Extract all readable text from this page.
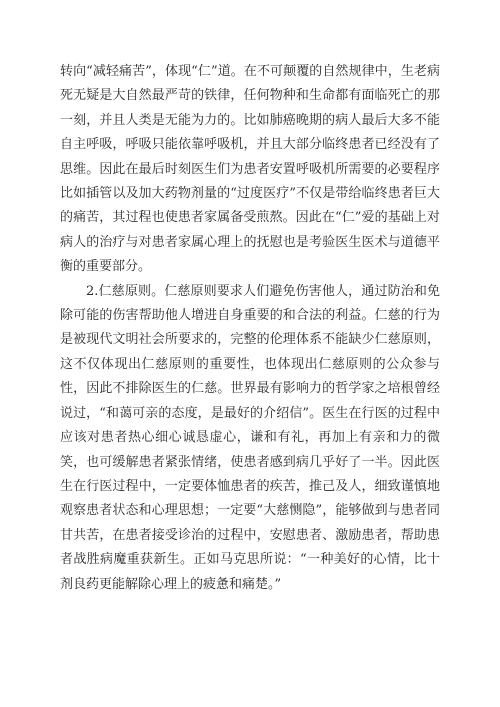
转向“减轻痛苦”，体现“仁”道。在不可颠覆的自然规律中，生老病死无疑是大自然最严苛的铁律，任何物种和生命都有面临死亡的那一刻，并且人类是无能为力的。比如肺癌晚期的病人最后大多不能自主呼吸，呼吸只能依靠呼吸机，并且大部分临终患者已经没有了思维。因此在最后时刻医生们为患者安置呼吸机所需要的必要程序比如插管以及加大药物剂量的“过度医疗”不仅是带给临终患者巨大的痛苦，其过程也使患者家属备受煎熬。因此在“仁”爱的基础上对病人的治疗与对患者家属心理上的抚慰也是考验医生医术与道德平衡的重要部分。

2.仁慈原则。仁慈原则要求人们避免伤害他人，通过防治和免除可能的伤害帮助他人增进自身重要的和合法的利益。仁慈的行为是被现代文明社会所要求的，完整的伦理体系不能缺少仁慈原则，这不仅体现出仁慈原则的重要性，也体现出仁慈原则的公众参与性，因此不排除医生的仁慈。世界最有影响力的哲学家之培根曾经说过，“和蔼可亲的态度，是最好的介绍信”。医生在行医的过程中应该对患者热心细心诚恳虚心，谦和有礼，再加上有亲和力的微笑，也可缓解患者紧张情绪，使患者感到病几乎好了一半。因此医生在行医过程中，一定要体恤患者的疾苦，推己及人，细致谨慎地观察患者状态和心理思想；一定要“大慈恻隐”，能够做到与患者同甘共苦，在患者接受诊治的过程中，安慰患者、激励患者，帮助患者战胜病魔重获新生。正如马克思所说：“一种美好的心情，比十剂良药更能解除心理上的疲惫和痛楚。”
